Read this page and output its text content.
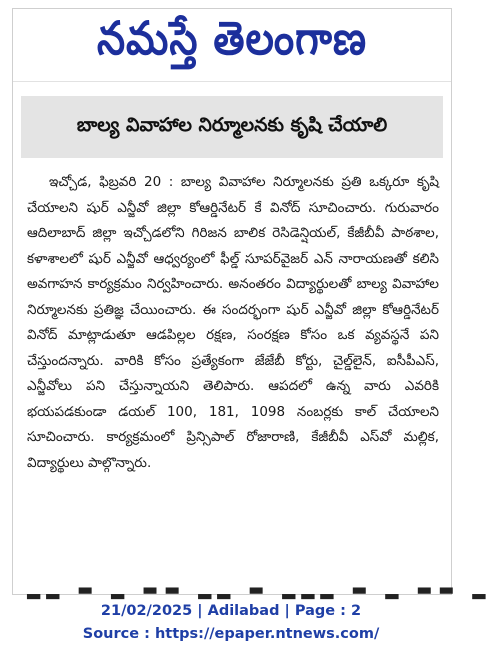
నమస్తే తెలంగాణ
బాల్య వివాహాల నిర్మూలనకు కృషి చేయాలి
ఇచ్చోడ, ఫిబ్రవరి 20 : బాల్య వివాహాల నిర్మూలనకు ప్రతి ఒక్కరూ కృషి చేయాలని షుర్ ఎన్జీవో జిల్లా కోఆర్డినేటర్ కే వినోద్ సూచించారు. గురువారం ఆదిలాబాద్ జిల్లా ఇచ్చోడలోని గిరిజన బాలిక రెసిడెన్షియల్, కేజీబీవీ పాఠశాల, కళాశాలలో షుర్ ఎన్జీవో ఆధ్వర్యంలో ఫీల్డ్ సూపర్‌వైజర్ ఎన్ నారాయణతో కలిసి అవగాహన కార్యక్రమం నిర్వహించారు. అనంతరం విద్యార్థులతో బాల్య వివాహాల నిర్మూలనకు ప్రతిజ్ఞ చేయించారు. ఈ సందర్భంగా షుర్ ఎన్జీవో జిల్లా కోఆర్డినేటర్ వినోద్ మాట్లాడుతూ ఆడపిల్లల రక్షణ, సంరక్షణ కోసం ఒక వ్యవస్థనే పని చేస్తుందన్నారు. వారికి కోసం ప్రత్యేకంగా జేజేబీ కోర్టు, చైల్డ్‌లైన్, ఐసీపీఎస్, ఎన్జీవోలు పని చేస్తున్నాయని తెలిపారు. ఆపదలో ఉన్న వారు ఎవరికి భయపడకుండా డయల్ 100, 181, 1098 నంబర్లకు కాల్ చేయాలని సూచించారు. కార్యక్రమంలో ప్రిన్సిపాల్ రోజారాణి, కేజీబీవీ ఎస్‌వో మల్లిక, విద్యార్థులు పాల్గొన్నారు.
▂▂ ▬ ▂ ▬▬ ▂▂ ▬ ▂▂▂ ▬ ▂ ▬▬ ▂
21/02/2025 | Adilabad | Page : 2
Source : https://epaper.ntnews.com/
